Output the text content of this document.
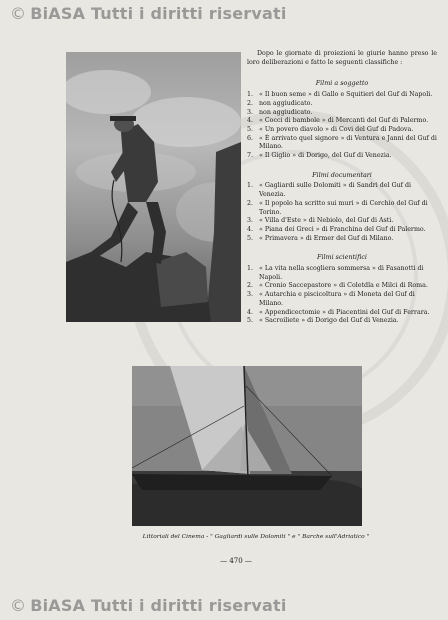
© BiASA Tutti i diritti riservati

Dopo le giornate di proiezioni le giurie hanno preso le loro deliberazioni e fatto le seguenti classifiche :

Filmi a soggetto
1. « Il buon seme » di Gallo e Squitieri del Guf di Napoli.
2. non aggiudicato.
3. non aggiudicato.
4. « Cocci di bambole » di Mercanti del Guf di Palermo.
5. « Un povero diavolo » di Covi del Guf di Padova.
6. « È arrivato quel signore » di Ventura e Janni del Guf di Milano.
7. « Il Giglio » di Dorigo, del Guf di Venezia.
Filmi documentari
1. « Gagliardi sulle Dolomiti » di Sandri del Guf di Venezia.
2. « Il popolo ha scritto sui muri » di Cerchio del Guf di Torino.
3. « Villa d'Este » di Nebiolo, del Guf di Asti.
4. « Piana dei Greci » di Franchina del Guf di Palermo.
5. « Primavera » di Ermer del Guf di Milano.
Filmi scientifici
1. « La vita nella scogliera sommersa » di Fasanotti di Napoli.
2. « Cronio Saccepastore » di Coletdla e Milci di Roma.
3. « Autarchia e piscicoltura » di Moneta del Guf di Milano.
4. « Appendicectomie » di Piacentini del Guf di Ferrara.
5. « Sacroiliete » di Dorigo del Guf di Venezia.
Littoriali del Cinema - " Gagliardi sulle Dolomiti " e " Barche sull'Adriatico "
— 470 —
© BiASA Tutti i diritti riservati
